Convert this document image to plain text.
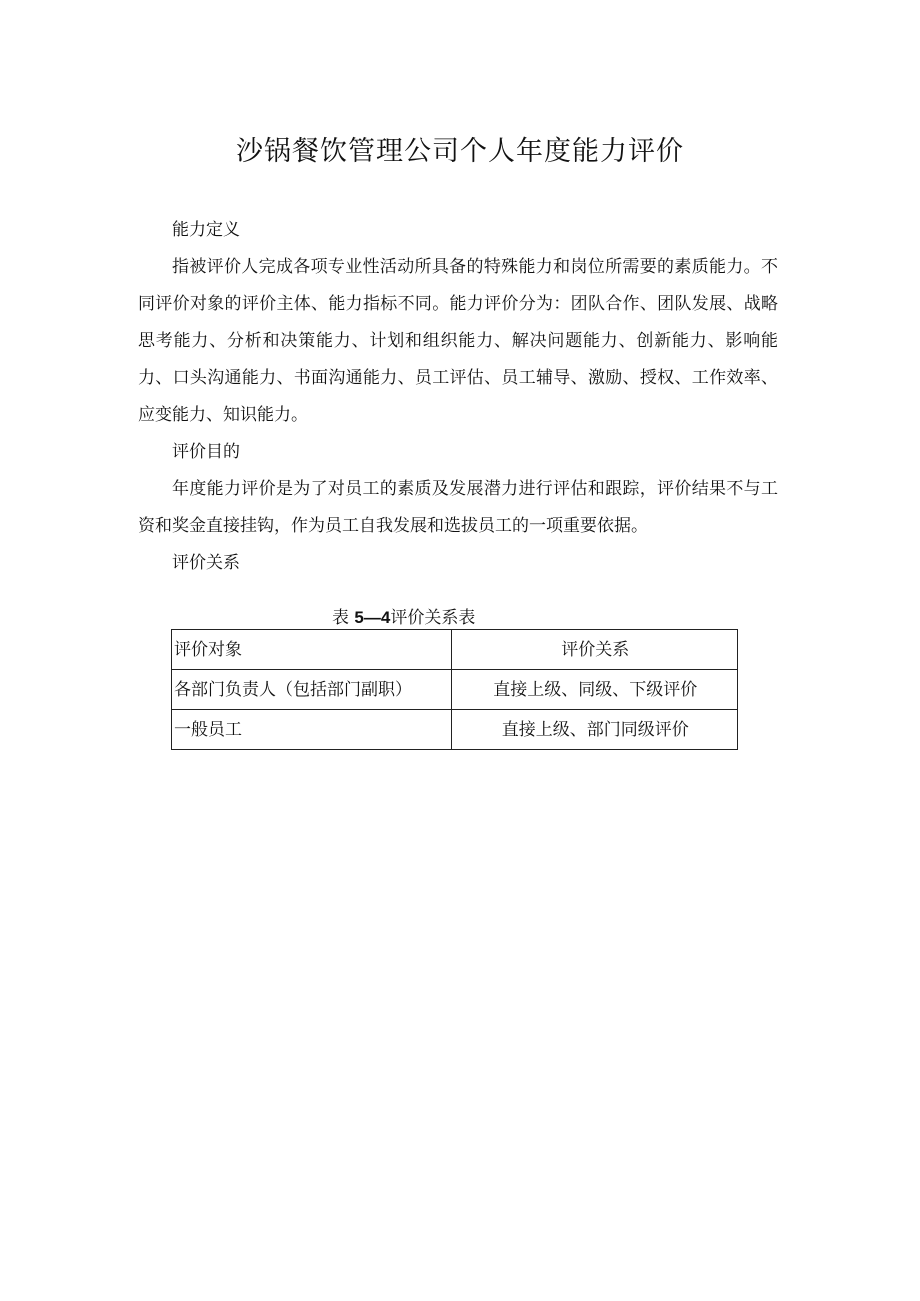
沙锅餐饮管理公司个人年度能力评价

能力定义

指被评价人完成各项专业性活动所具备的特殊能力和岗位所需要的素质能力。不同评价对象的评价主体、能力指标不同。能力评价分为：团队合作、团队发展、战略思考能力、分析和决策能力、计划和组织能力、解决问题能力、创新能力、影响能力、口头沟通能力、书面沟通能力、员工评估、员工辅导、激励、授权、工作效率、应变能力、知识能力。

评价目的

年度能力评价是为了对员工的素质及发展潜力进行评估和跟踪，评价结果不与工资和奖金直接挂钩，作为员工自我发展和选拔员工的一项重要依据。

评价关系

表 5—4评价关系表
评价对象	评价关系
各部门负责人（包括部门副职）	直接上级、同级、下级评价
一般员工	直接上级、部门同级评价
